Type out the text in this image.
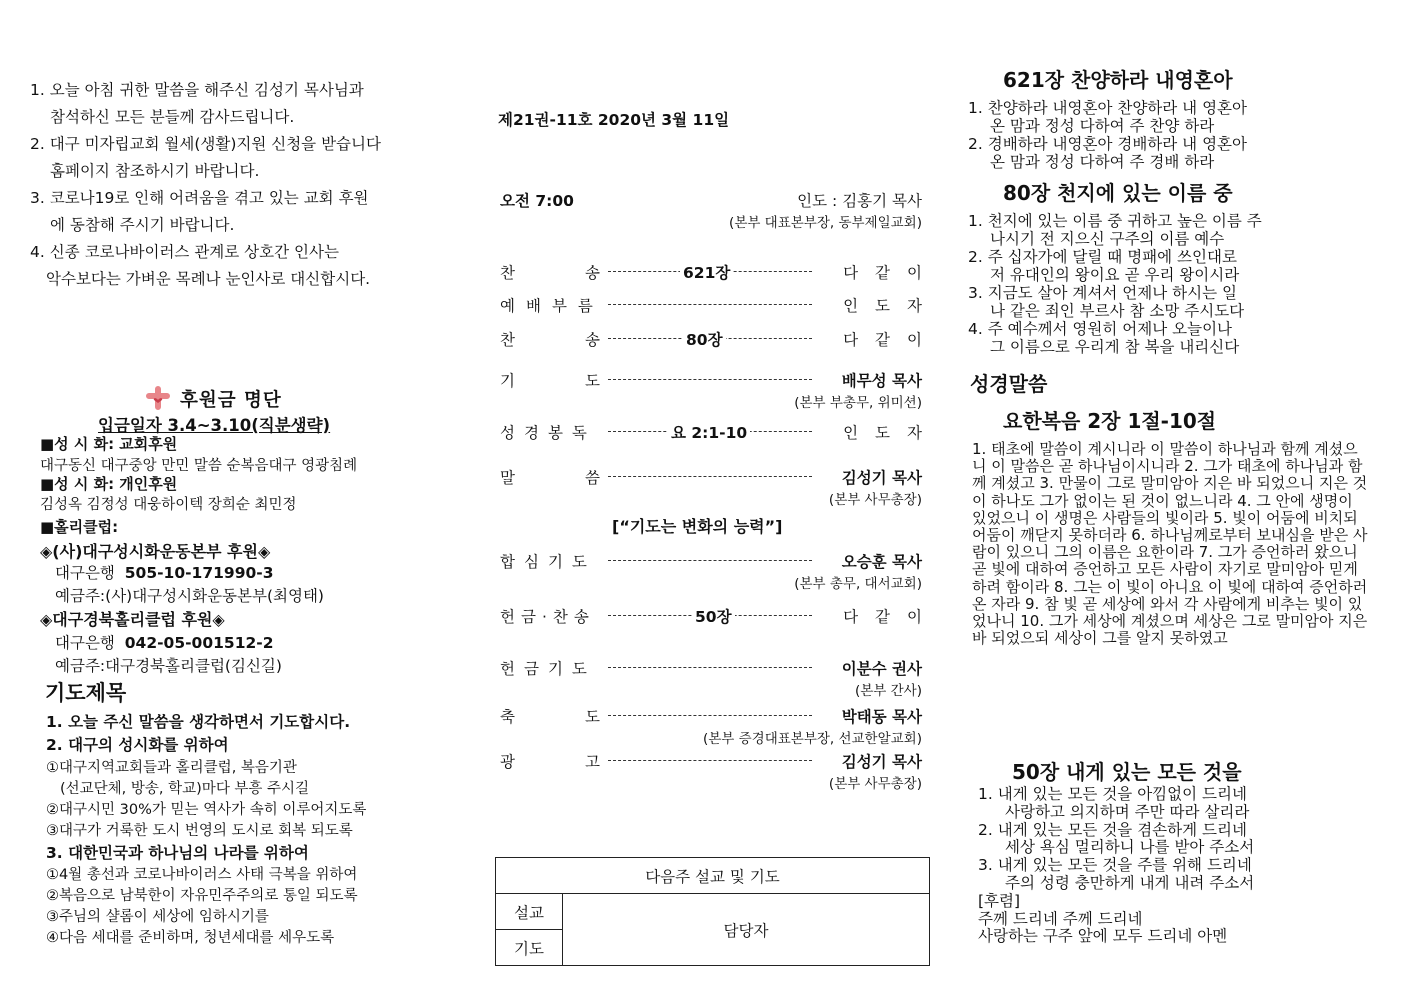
1. 오늘 아침 귀한 말씀을 해주신 김성기 목사님과
참석하신 모든 분들께 감사드립니다.
2. 대구 미자립교회 월세(생활)지원 신청을 받습니다
홈페이지 참조하시기 바랍니다.
3. 코로나19로 인해 어려움을 겪고 있는 교회 후원
에 동참해 주시기 바랍니다.
4. 신종 코로나바이러스 관계로 상호간 인사는
악수보다는 가벼운 목례나 눈인사로 대신합시다.
후원금 명단
입금일자 3.4~3.10(직분생략)
■성 시 화: 교회후원
대구동신 대구중앙 만민 말씀 순복음대구 영광침례
■성 시 화: 개인후원
김성옥 김정성 대웅하이텍 장희순 최민정
■홀리클럽:
◈(사)대구성시화운동본부 후원◈
대구은행 505-10-171990-3
예금주:(사)대구성시화운동본부(최영태)
◈대구경북홀리클럽 후원◈
대구은행 042-05-001512-2
예금주:대구경북홀리클럽(김신길)
기도제목
1. 오늘 주신 말씀을 생각하면서 기도합시다.
2. 대구의 성시화를 위하여
①대구지역교회들과 홀리클럽, 복음기관
(선교단체, 방송, 학교)마다 부흥 주시길
②대구시민 30%가 믿는 역사가 속히 이루어지도록
③대구가 거룩한 도시 번영의 도시로 회복 되도록
3. 대한민국과 하나님의 나라를 위하여
①4월 총선과 코로나바이러스 사태 극복을 위하여
②복음으로 남북한이 자유민주주의로 통일 되도록
③주님의 샬롬이 세상에 임하시기를
④다음 세대를 준비하며, 청년세대를 세우도록
제21권-11호 2020년 3월 11일
오전 7:00	인도 : 김홍기 목사
(본부 대표본부장, 동부제일교회)
찬송 621장	다같이
예배부름	인도자
찬송 80장	다같이
기도	배무성 목사
(본부 부총무, 위미션)
성경봉독	요 2:1-10	인도자
말씀	김성기 목사
(본부 사무총장)
[“기도는 변화의 능력”]
합심기도	오승훈 목사
(본부 총무, 대서교회)
헌금·찬송	50장	다같이
헌금기도	이분수 권사
(본부 간사)
축도	박태동 목사
(본부 증경대표본부장, 선교한알교회)
광고	김성기 목사
(본부 사무총장)
다음주 설교 및 기도
설교	담당자
기도
621장 찬양하라 내영혼아
1. 찬양하라 내영혼아 찬양하라 내 영혼아
온 맘과 정성 다하여 주 찬양 하라
2. 경배하라 내영혼아 경배하라 내 영혼아
온 맘과 정성 다하여 주 경배 하라
80장 천지에 있는 이름 중
1. 천지에 있는 이름 중 귀하고 높은 이름 주
나시기 전 지으신 구주의 이름 예수
2. 주 십자가에 달릴 때 명패에 쓰인대로
저 유대인의 왕이요 곧 우리 왕이시라
3. 지금도 살아 계셔서 언제나 하시는 일
나 같은 죄인 부르사 참 소망 주시도다
4. 주 예수께서 영원히 어제나 오늘이나
그 이름으로 우리게 참 복을 내리신다
성경말씀
요한복음 2장 1절-10절
1. 태초에 말씀이 계시니라 이 말씀이 하나님과 함께 계셨으니 이 말씀은 곧 하나님이시니라 2. 그가 태초에 하나님과 함께 계셨고 3. 만물이 그로 말미암아 지은 바 되었으니 지은 것이 하나도 그가 없이는 된 것이 없느니라 4. 그 안에 생명이 있었으니 이 생명은 사람들의 빛이라 5. 빛이 어둠에 비치되 어둠이 깨닫지 못하더라 6. 하나님께로부터 보내심을 받은 사람이 있으니 그의 이름은 요한이라 7. 그가 증언하러 왔으니 곧 빛에 대하여 증언하고 모든 사람이 자기로 말미암아 믿게 하려 함이라 8. 그는 이 빛이 아니요 이 빛에 대하여 증언하러 온 자라 9. 참 빛 곧 세상에 와서 각 사람에게 비추는 빛이 있었나니 10. 그가 세상에 계셨으며 세상은 그로 말미암아 지은 바 되었으되 세상이 그를 알지 못하였고
50장 내게 있는 모든 것을
1. 내게 있는 모든 것을 아낌없이 드리네
사랑하고 의지하며 주만 따라 살리라
2. 내게 있는 모든 것을 겸손하게 드리네
세상 욕심 멀리하니 나를 받아 주소서
3. 내게 있는 모든 것을 주를 위해 드리네
주의 성령 충만하게 내게 내려 주소서
[후렴]
주께 드리네 주께 드리네
사랑하는 구주 앞에 모두 드리네 아멘
